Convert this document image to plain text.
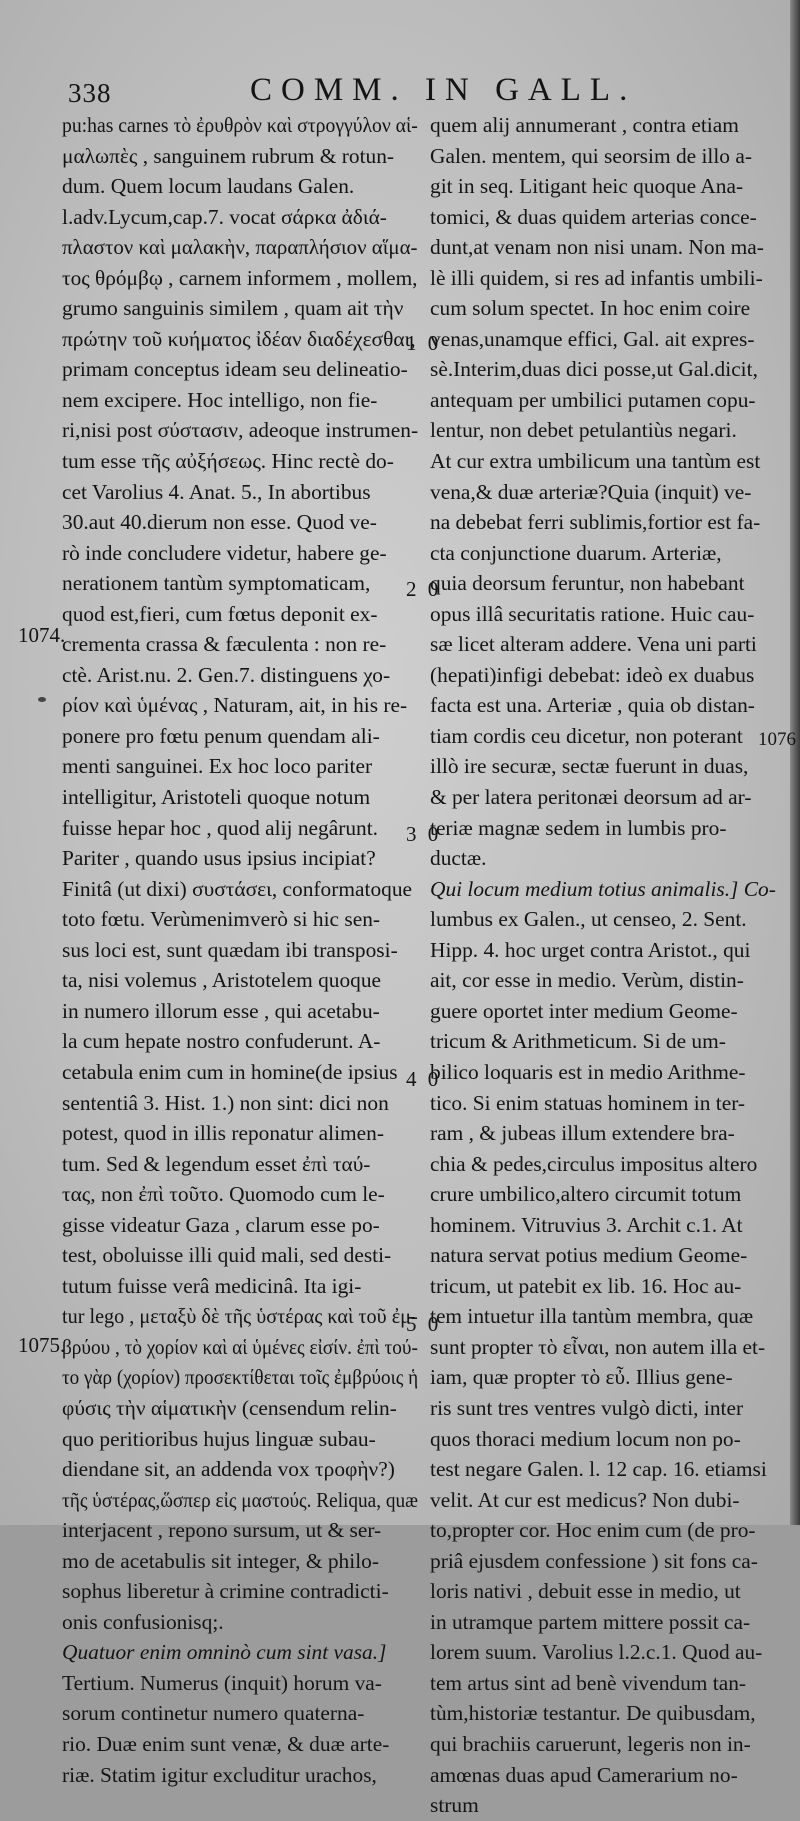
338	COMM. IN GALL.
pu:has carnes τὸ ἐρυθρὸν καὶ στρογγύλον αἱ-
μαλωπὲς , sanguinem rubrum & rotun-
dum. Quem locum laudans Galen.
l.adv.Lycum,cap.7. vocat σάρκα ἀδιά-
πλαστον καὶ μαλακὴν, παραπλήσιον αἵμα-
τος θρόμβῳ , carnem informem , mollem,
grumo sanguinis similem , quam ait τὴν
πρώτην τοῦ κυήματος ἰδέαν διαδέχεσθαι,
primam conceptus ideam seu delineatio-
nem excipere. Hoc intelligo, non fie-
ri,nisi post σύστασιν, adeoque instrumen-
tum esse τῆς αὐξήσεως. Hinc rectè do-
cet Varolius 4. Anat. 5., In abortibus
30.aut 40.dierum non esse. Quod ve-
rò inde concludere videtur, habere ge-
nerationem tantùm symptomaticam,
quod est,fieri, cum fœtus deponit ex-
crementa crassa & fæculenta : non re-
ctè. Arist.nu. 2. Gen.7. distinguens χο-
ρίον καὶ ὑμένας , Naturam, ait, in his re-
ponere pro fœtu penum quendam ali-
menti sanguinei. Ex hoc loco pariter
intelligitur, Aristoteli quoque notum
fuisse hepar hoc , quod alij negârunt.
Pariter , quando usus ipsius incipiat?
Finitâ (ut dixi) συστάσει, conformatoque
toto fœtu. Verùmenimverò si hic sen-
sus loci est, sunt quædam ibi transposi-
ta, nisi volemus , Aristotelem quoque
in numero illorum esse , qui acetabu-
la cum hepate nostro confuderunt. A-
cetabula enim cum in homine(de ipsius
sententiâ 3. Hist. 1.) non sint: dici non
potest, quod in illis reponatur alimen-
tum. Sed & legendum esset ἐπὶ ταύ-
τας, non ἐπὶ τοῦτο. Quomodo cum le-
gisse videatur Gaza , clarum esse po-
test, oboluisse illi quid mali, sed desti-
tutum fuisse verâ medicinâ. Ita igi-
tur lego , μεταξὺ δὲ τῆς ὑστέρας καὶ τοῦ ἐμ-
βρύου , τὸ χορίον καὶ αἱ ὑμένες εἰσίν. ἐπὶ τού-
το γὰρ (χορίον) προσεκτίθεται τοῖς ἐμβρύοις ἡ
φύσις τὴν αἱματικὴν (censendum relin-
quo peritioribus hujus linguæ subau-
diendane sit, an addenda vox τροφὴν?)
τῆς ὑστέρας,ὥσπερ εἰς μαστούς. Reliqua, quæ
interjacent , repono sursum, ut & ser-
mo de acetabulis sit integer, & philo-
sophus liberetur à crimine contradicti-
onis confusionisq;.
Quatuor enim omninò cum sint vasa.]
Tertium. Numerus (inquit) horum va-
sorum continetur numero quaterna-
rio. Duæ enim sunt venæ, & duæ arte-
riæ. Statim igitur excluditur urachos,
quem alij annumerant , contra etiam
Galen. mentem, qui seorsim de illo a-
git in seq. Litigant heic quoque Ana-
tomici, & duas quidem arterias conce-
dunt,at venam non nisi unam. Non ma-
lè illi quidem, si res ad infantis umbili-
cum solum spectet. In hoc enim coire
venas,unamque effici, Gal. ait expres-
sè.Interim,duas dici posse,ut Gal.dicit,
antequam per umbilici putamen copu-
lentur, non debet petulantiùs negari.
At cur extra umbilicum una tantùm est
vena,& duæ arteriæ?Quia (inquit) ve-
na debebat ferri sublimis,fortior est fa-
cta conjunctione duarum. Arteriæ,
quia deorsum feruntur, non habebant
opus illâ securitatis ratione. Huic cau-
sæ licet alteram addere. Vena uni parti
(hepati)infigi debebat: ideò ex duabus
facta est una. Arteriæ , quia ob distan-
tiam cordis ceu dicetur, non poterant
illò ire securæ, sectæ fuerunt in duas,
& per latera peritonæi deorsum ad ar-
teriæ magnæ sedem in lumbis pro-
ductæ.
Qui locum medium totius animalis.] Co-
lumbus ex Galen., ut censeo, 2. Sent.
Hipp. 4. hoc urget contra Aristot., qui
ait, cor esse in medio. Verùm, distin-
guere oportet inter medium Geome-
tricum & Arithmeticum. Si de um-
bilico loquaris est in medio Arithme-
tico. Si enim statuas hominem in ter-
ram , & jubeas illum extendere bra-
chia & pedes,circulus impositus altero
crure umbilico,altero circumit totum
hominem. Vitruvius 3. Archit c.1. At
natura servat potius medium Geome-
tricum, ut patebit ex lib. 16. Hoc au-
tem intuetur illa tantùm membra, quæ
sunt propter τὸ εἶναι, non autem illa et-
iam, quæ propter τὸ εὖ. Illius gene-
ris sunt tres ventres vulgò dicti, inter
quos thoraci medium locum non po-
test negare Galen. l. 12 cap. 16. etiamsi
velit. At cur est medicus? Non dubi-
to,propter cor. Hoc enim cum (de pro-
priâ ejusdem confessione ) sit fons ca-
loris nativi , debuit esse in medio, ut
in utramque partem mittere possit ca-
lorem suum. Varolius l.2.c.1. Quod au-
tem artus sint ad benè vivendum tan-
tùm,historiæ testantur. De quibusdam,
qui brachiis caruerunt, legeris non in-
amœnas duas apud Camerarium no-
strum
1074.
1075.
1076
1 0
2 0
3 0
4 0
5 0
